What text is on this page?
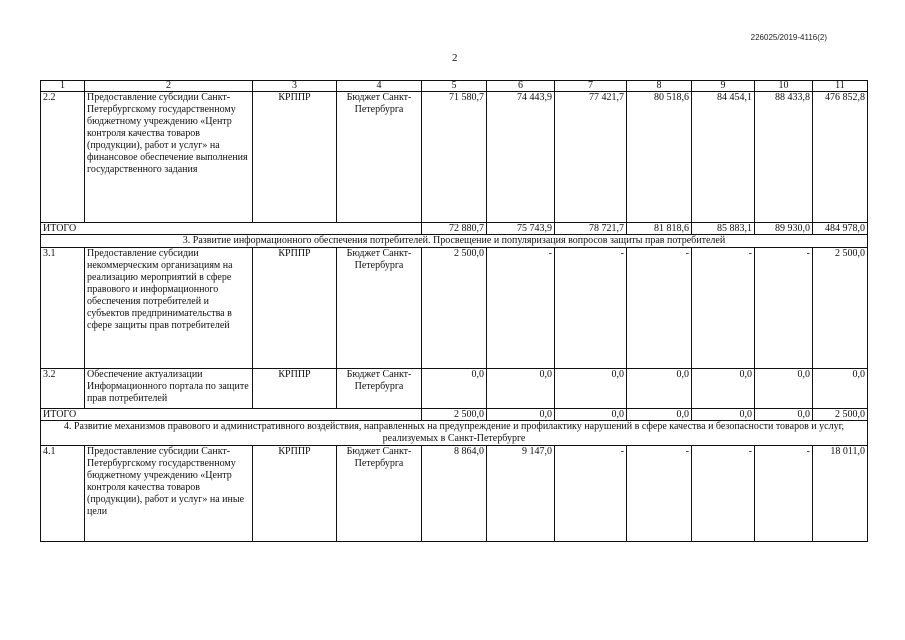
226025/2019-4116(2)
2
1	2	3	4	5	6	7	8	9	10	11
2.2	Предоставление субсидии Санкт-Петербургскому государственному бюджетному учреждению «Центр контроля качества товаров (продукции), работ и услуг» на финансовое обеспечение выполнения государственного задания	КРППР	Бюджет Санкт-Петербурга	71 580,7	74 443,9	77 421,7	80 518,6	84 454,1	88 433,8	476 852,8
ИТОГО				72 880,7	75 743,9	78 721,7	81 818,6	85 883,1	89 930,0	484 978,0
3. Развитие информационного обеспечения потребителей. Просвещение и популяризация вопросов защиты прав потребителей										
3.1	Предоставление субсидии некоммерческим организациям на реализацию мероприятий в сфере правового и информационного обеспечения потребителей и субъектов предпринимательства в сфере защиты прав потребителей	КРППР	Бюджет Санкт-Петербурга	2 500,0	-	-	-	-	-	2 500,0
3.2	Обеспечение актуализации Информационного портала по защите прав потребителей	КРППР	Бюджет Санкт-Петербурга	0,0	0,0	0,0	0,0	0,0	0,0	0,0
ИТОГО				2 500,0	0,0	0,0	0,0	0,0	0,0	2 500,0
4. Развитие механизмов правового и административного воздействия, направленных на предупреждение и профилактику нарушений в сфере качества и безопасности товаров и услуг, реализуемых в Санкт-Петербурге										
4.1	Предоставление субсидии Санкт-Петербургскому государственному бюджетному учреждению «Центр контроля качества товаров (продукции), работ и услуг» на иные цели	КРППР	Бюджет Санкт-Петербурга	8 864,0	9 147,0	-	-	-	-	18 011,0
